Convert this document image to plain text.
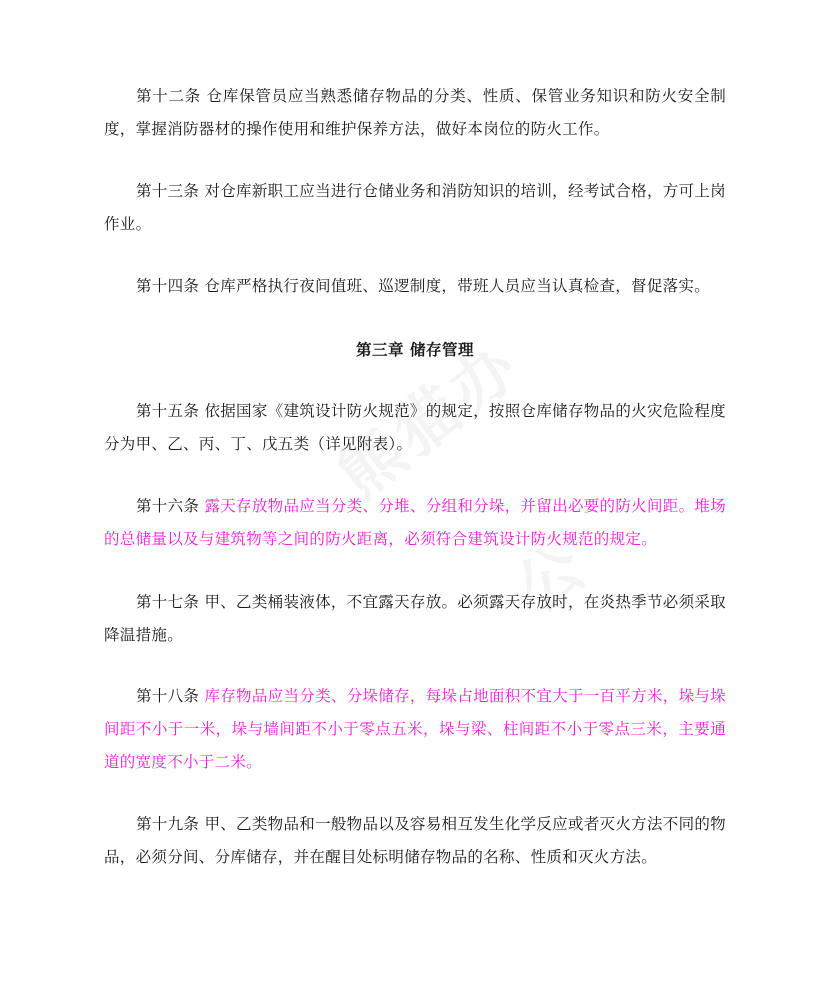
第十二条 仓库保管员应当熟悉储存物品的分类、性质、保管业务知识和防火安全制度，掌握消防器材的操作使用和维护保养方法，做好本岗位的防火工作。

第十三条 对仓库新职工应当进行仓储业务和消防知识的培训，经考试合格，方可上岗作业。

第十四条 仓库严格执行夜间值班、巡逻制度，带班人员应当认真检查，督促落实。

第三章 储存管理

第十五条 依据国家《建筑设计防火规范》的规定，按照仓库储存物品的火灾危险程度分为甲、乙、丙、丁、戊五类（详见附表）。

第十六条 露天存放物品应当分类、分堆、分组和分垛，并留出必要的防火间距。堆场的总储量以及与建筑物等之间的防火距离，必须符合建筑设计防火规范的规定。

第十七条 甲、乙类桶装液体，不宜露天存放。必须露天存放时，在炎热季节必须采取降温措施。

第十八条 库存物品应当分类、分垛储存，每垛占地面积不宜大于一百平方米，垛与垛间距不小于一米，垛与墙间距不小于零点五米，垛与梁、柱间距不小于零点三米，主要通道的宽度不小于二米。

第十九条 甲、乙类物品和一般物品以及容易相互发生化学反应或者灭火方法不同的物品，必须分间、分库储存，并在醒目处标明储存物品的名称、性质和灭火方法。
